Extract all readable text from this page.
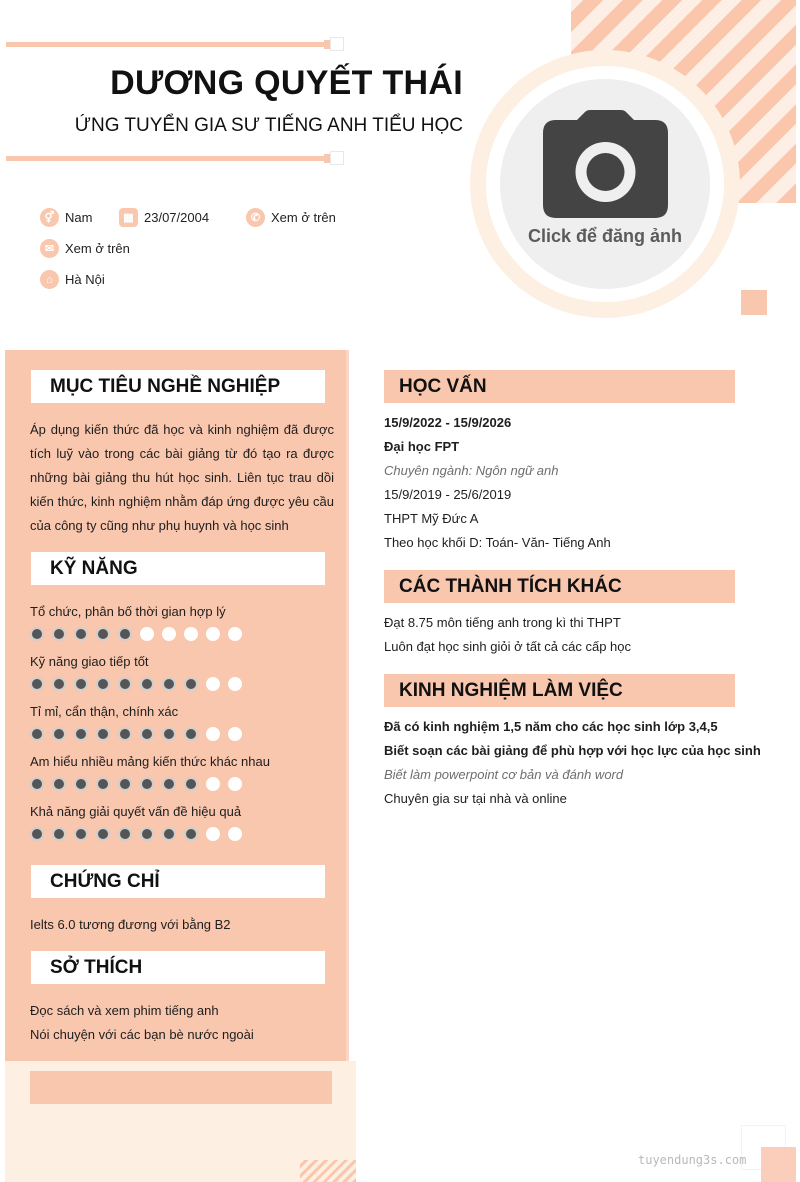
DƯƠNG QUYẾT THÁI
ỨNG TUYỂN GIA SƯ TIẾNG ANH TIỂU HỌC
Click để đăng ảnh
⚥ Nam	▦ 23/07/2004	✆ Xem ở trên
✉ Xem ở trên
⌂ Hà Nội
MỤC TIÊU NGHỀ NGHIỆP
Áp dụng kiến thức đã học và kinh nghiệm đã được tích luỹ vào trong các bài giảng từ đó tạo ra được những bài giảng thu hút học sinh. Liên tục trau dồi kiến thức, kinh nghiệm nhằm đáp ứng được yêu cầu của công ty cũng như phụ huynh và học sinh
KỸ NĂNG
Tổ chức, phân bố thời gian hợp lý
Kỹ năng giao tiếp tốt
Tỉ mỉ, cẩn thận, chính xác
Am hiểu nhiều mảng kiến thức khác nhau
Khả năng giải quyết vấn đề hiệu quả
CHỨNG CHỈ
Ielts 6.0 tương đương với bằng B2
SỞ THÍCH
Đọc sách và xem phim tiếng anh
Nói chuyện với các bạn bè nước ngoài
HỌC VẤN
15/9/2022 - 15/9/2026
Đại học FPT
Chuyên ngành: Ngôn ngữ anh
15/9/2019 - 25/6/2019
THPT Mỹ Đức A
Theo học khối D: Toán- Văn- Tiếng Anh
CÁC THÀNH TÍCH KHÁC
Đạt 8.75 môn tiếng anh trong kì thi THPT
Luôn đạt học sinh giỏi ở tất cả các cấp học
KINH NGHIỆM LÀM VIỆC
Đã có kinh nghiệm 1,5 năm cho các học sinh lớp 3,4,5
Biết soạn các bài giảng để phù hợp với học lực của học sinh
Biết làm powerpoint cơ bản và đánh word
Chuyên gia sư tại nhà và online
tuyendung3s.com
